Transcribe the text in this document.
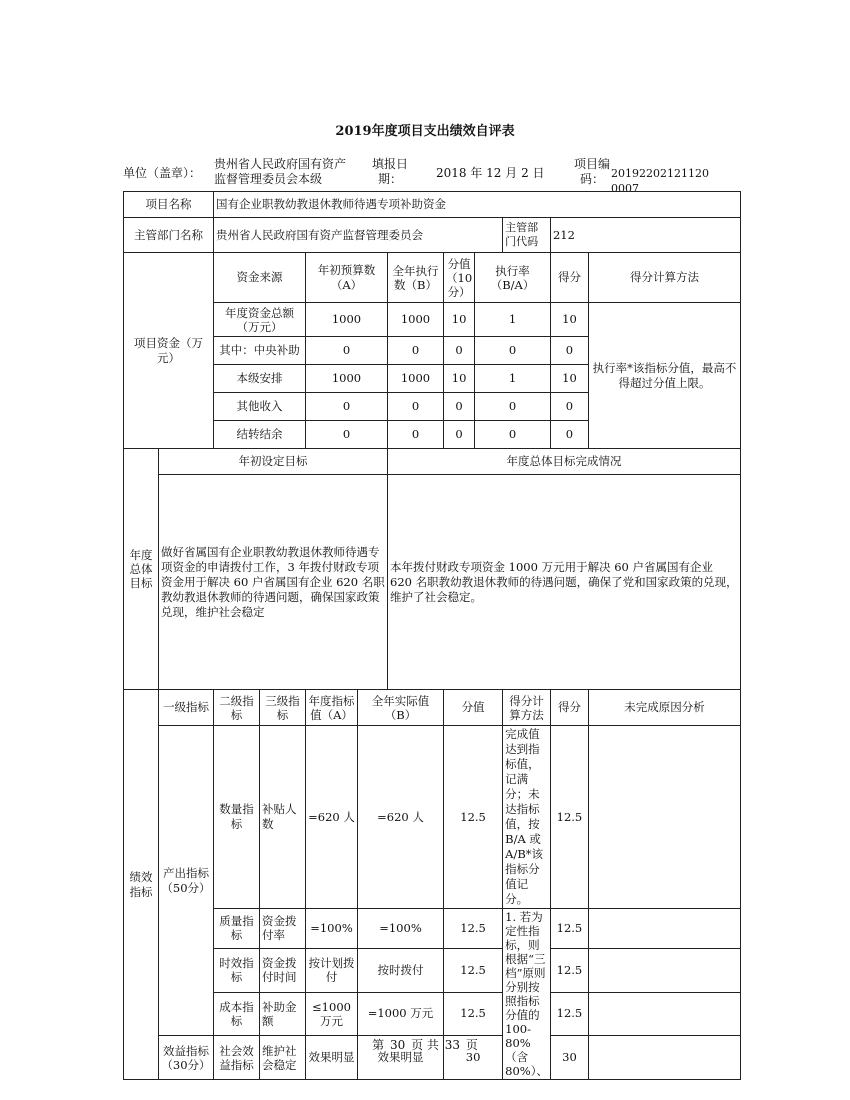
2019年度项目支出绩效自评表
单位（盖章）：
贵州省人民政府国有资产监督管理委员会本级
填报日期：	2018 年 12 月 2 日
项目编码： 20192202121120 0007
项目名称		国有企业职教幼教退休教师待遇专项补助资金									
主管部门名称		贵州省人民政府国有资产监督管理委员会							主管部门代码	212	
项目资金（万元）		资金来源		年初预算数（A）		全年执行数（B）	分值（10分）	执行率（B/A）		得分	得分计算方法
		年度资金总额（万元）		1000		1000	10	1		10	执行率*该指标分值，最高不得超过分值上限。
		其中：中央补助		0		0	0	0		0	
		本级安排		1000		1000	10	1		10	
		其他收入		0		0	0	0		0	
		结转结余		0		0	0	0		0	
年度总体目标	年初设定目标					年度总体目标完成情况					
	做好省属国有企业职教幼教退休教师待遇专项资金的申请拨付工作，3 年拨付财政专项资金用于解决 60 户省属国有企业 620 名职教幼教退休教师的待遇问题，确保国家政策兑现，维护社会稳定					本年拨付财政专项资金 1000 万元用于解决 60 户省属国有企业 620 名职教幼教退休教师的待遇问题，确保了党和国家政策的兑现，维护了社会稳定。					
绩效指标	一级指标	二级指标	三级指标	年度指标值（A）	全年实际值（B）		分值		得分计算方法	得分	未完成原因分析
	产出指标（50分）	数量指标	补贴人数	=620 人	=620 人		12.5		完成值达到指标值，记满分；未达指标值，按 B/A 或 A/B*该指标分值记分。	12.5	
		质量指标	资金拨付率	=100%	=100%		12.5		1. 若为定性指标，则根据“三档”原则分别按照指标分值的 100-80%（含 80%）、	12.5	
		时效指标	资金拨付时间	按计划拨付	按时拨付		12.5			12.5	
		成本指标	补助金额	≤1000 万元	=1000 万元		12.5			12.5	
	效益指标（30分）	社会效益指标	维护社会稳定	效果明显	效果明显		30			30	
第 30 页 共 33 页
